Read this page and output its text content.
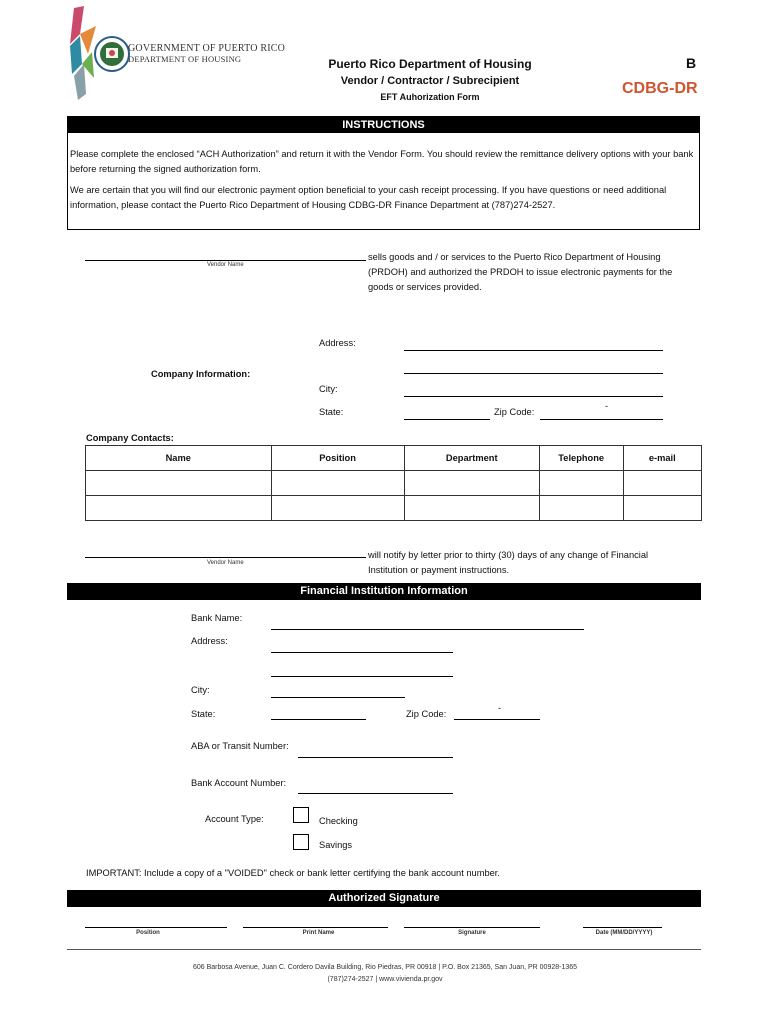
GOVERNMENT OF PUERTO RICO
DEPARTMENT OF HOUSING	Puerto Rico Department of Housing
Vendor / Contractor / Subrecipient
EFT Auhorization Form
B
CDBG-DR
INSTRUCTIONS

Please complete the enclosed “ACH Authorization” and return it with the Vendor Form. You should review the remittance delivery options with your bank before returning the signed authorization form.

We are certain that you will find our electronic payment option beneficial to your cash receipt processing. If you have questions or need additional information, please contact the Puerto Rico Department of Housing CDBG-DR Finance Department at (787)274-2527.

Vendor Name
sells goods and / or services to the Puerto Rico Department of Housing (PRDOH) and authorized the PRDOH to issue electronic payments for the goods or services provided.
Address:
Company Information:
City:
State:	Zip Code:
-
Company Contacts:
Name	Position	Department	Telephone	e-mail

Vendor Name
will notify by letter prior to thirty (30) days of any change of Financial Institution or payment instructions.
Financial Institution Information
Bank Name:
Address:
City:
State:	Zip Code:
-
ABA or Transit Number:
Bank Account Number:
Account Type:	Checking
Savings
IMPORTANT: Include a copy of a "VOIDED" check or bank letter certifying the bank account number.
Authorized Signature
Position	Print Name	Signature	Date (MM/DD/YYYY)
606 Barbosa Avenue, Juan C. Cordero Davila Building, Rio Piedras, PR 00918 | P.O. Box 21365, San Juan, PR 00928-1365
(787)274-2527 | www.vivienda.pr.gov
